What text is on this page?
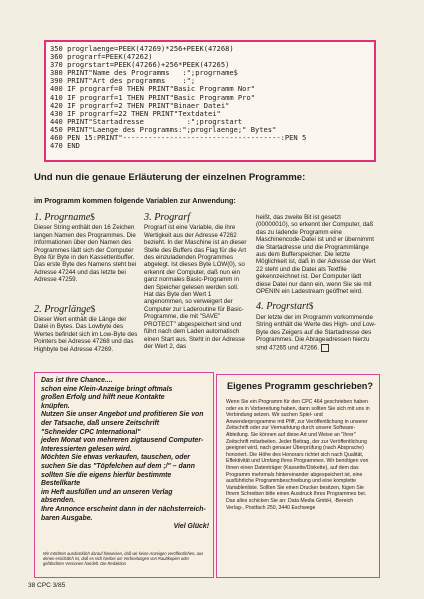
350 progrlaenge=PEEK(47269)*256+PEEK(47268)
360 prograrf=PEEK(47262)
370 progrstart=PEEK(47266)+256*PEEK(47265)
380 PRINT"Name des Programms   :";progrname$
390 PRINT"Art des programms    :";
400 IF prograrf=0 THEN PRINT"Basic Programm Nor"
410 IF prograrf=1 THEN PRINT"Basic Programm Pro"
420 IF prograrf=2 THEN PRINT"Binaer Datei"
430 IF prograrf=22 THEN PRINT"Textdatei"
440 PRINT"Startadresse          :";progrstart
450 PRINT"Laenge des Programms:";progrlaenge;" Bytes"
460 PEN 15:PRINT"-------------------------------------:PEN 5
470 END
Und nun die genaue Erläuterung der einzelnen Programme:
im Programm kommen folgende Variablen zur Anwendung:
1. Progrname$
Dieser String enthält den 16 Zeichen langen Namen des Programmes. Die Informationen über den Namen des Programmes lädt sich der Computer Byte für Byte in den Kassettenbuffer. Das erste Byte des Namens steht bei Adresse 47244 und das letzte bei Adresse 47259.
2. Progrlänge$
Dieser Wert enthält die Länge der Datei in Bytes. Das Lowbyte des Wertes befindet sich im Low-Byte des Pointers bei Adresse 47268 und das Highbyte bei Adresse 47269.
3. Prograrf
Prograrf ist eine Variable, die ihre Wertigkeit aus der Adresse 47262 bezieht. In der Maschine ist an dieser Stelle des Buffers das Flag für die Art des einzuladenden Programmes abgelegt. Ist dieses Byte LOW(0), so erkennt der Computer, daß nun ein ganz normales Basic-Programm in den Speicher gelesen werden soll. Hat das Byte den Wert 1 angenommen, so verweigert der Computer zur Laderoutine für Basic-Programme, die mit "SAVE" PROTECT" abgespeichert sind und führt nach dem Laden automatisch einen Start aus. Steht in der Adresse der Wert 2, das
heißt, das zweite Bit ist gesetzt (00000010), so erkennt der Computer, daß das zu ladende Programm eine Maschinencode-Datei ist und er übernimmt die Startadresse und die Programmlänge aus dem Bufferspeicher. Die letzte Möglichkeit ist, daß in der Adresse der Wert 22 steht und die Datei als Textfile gekennzeichnet ist. Der Computer lädt diese Datei nur dann ein, wenn Sie sie mit OPENIN ein Ladestream geöffnet wird.
4. Progrstart$
Der letzte der im Programm vorkommende String enthält die Werte des High- und Low-Byte des Zeigers auf die Startadresse des Programmes. Die Abrageadressen hierzu sind 47265 und 47266.
Das ist Ihre Chance....
schon eine Klein-Anzeige bringt oftmals
großen Erfolg und hilft neue Kontakte
knüpfen.
Nutzen Sie unser Angebot und profitieren Sie von
der Tatsache, daß unsere Zeitschrift
"Schneider CPC International"
jeden Monat von mehreren zigtausend Computer-
Interessierten gelesen wird.
Möchten Sie etwas verkaufen, tauschen, oder
suchen Sie das "Töpfelchen auf dem ;/" – dann
sollten Sie die eigens hierfür bestimmte Bestellkarte
im Heft ausfüllen und an unseren Verlag
absenden.
Ihre Annonce erscheint dann in der nächsterreich-
baren Ausgabe.
Viel Glück!
Wir möchten ausdrücklich darauf hinweisen, daß wir keine Anzeigen veröffentlichen, aus denen ersichtlich ist, daß es sich hierbei um Verbreitungen von Raubkopien oder gefälschten Versionen handelt. Die Redaktion
Eigenes Programm geschrieben?
Wenn Sie ein Programm für den CPC 464 geschrieben haben oder es in Vorbereitung haben, dann sollten Sie sich mit uns in Verbindung setzen. Wir suchen Spiel- und Anwenderprogramme mit Pfiff, zur Veröffentlichung in unserer Zeitschrift oder zur Vermarktung durch unsere Software-Abteilung. Sie können auf diese Art und Weise an "Ihrer" Zeitschrift mitarbeiten. Jeder Beitrag, der zur Veröffentlichung geeignet wird, nach genauer Überprüfung (nach Absprache) honoriert. Die Höhe des Honorars richtet sich nach Qualität, Effektivität und Umfang Ihres Programmes. Wir benötigen von Ihnen einen Datenträger (Kassette/Diskette), auf dem das Programm mehrmals hintereinander abgespeichert ist, eine ausführliche Programmbeschreibung und eine komplette Variablenliste. Sollten Sie einen Drucker besitzen, fügen Sie Ihrem Schreiben bitte einen Ausdruck Ihres Programmes bei. Das alles schicken Sie an: Data Media GmbH, -Bereich Verlag-, Postfach 250, 3440 Eschwege
38 CPC 3/85
